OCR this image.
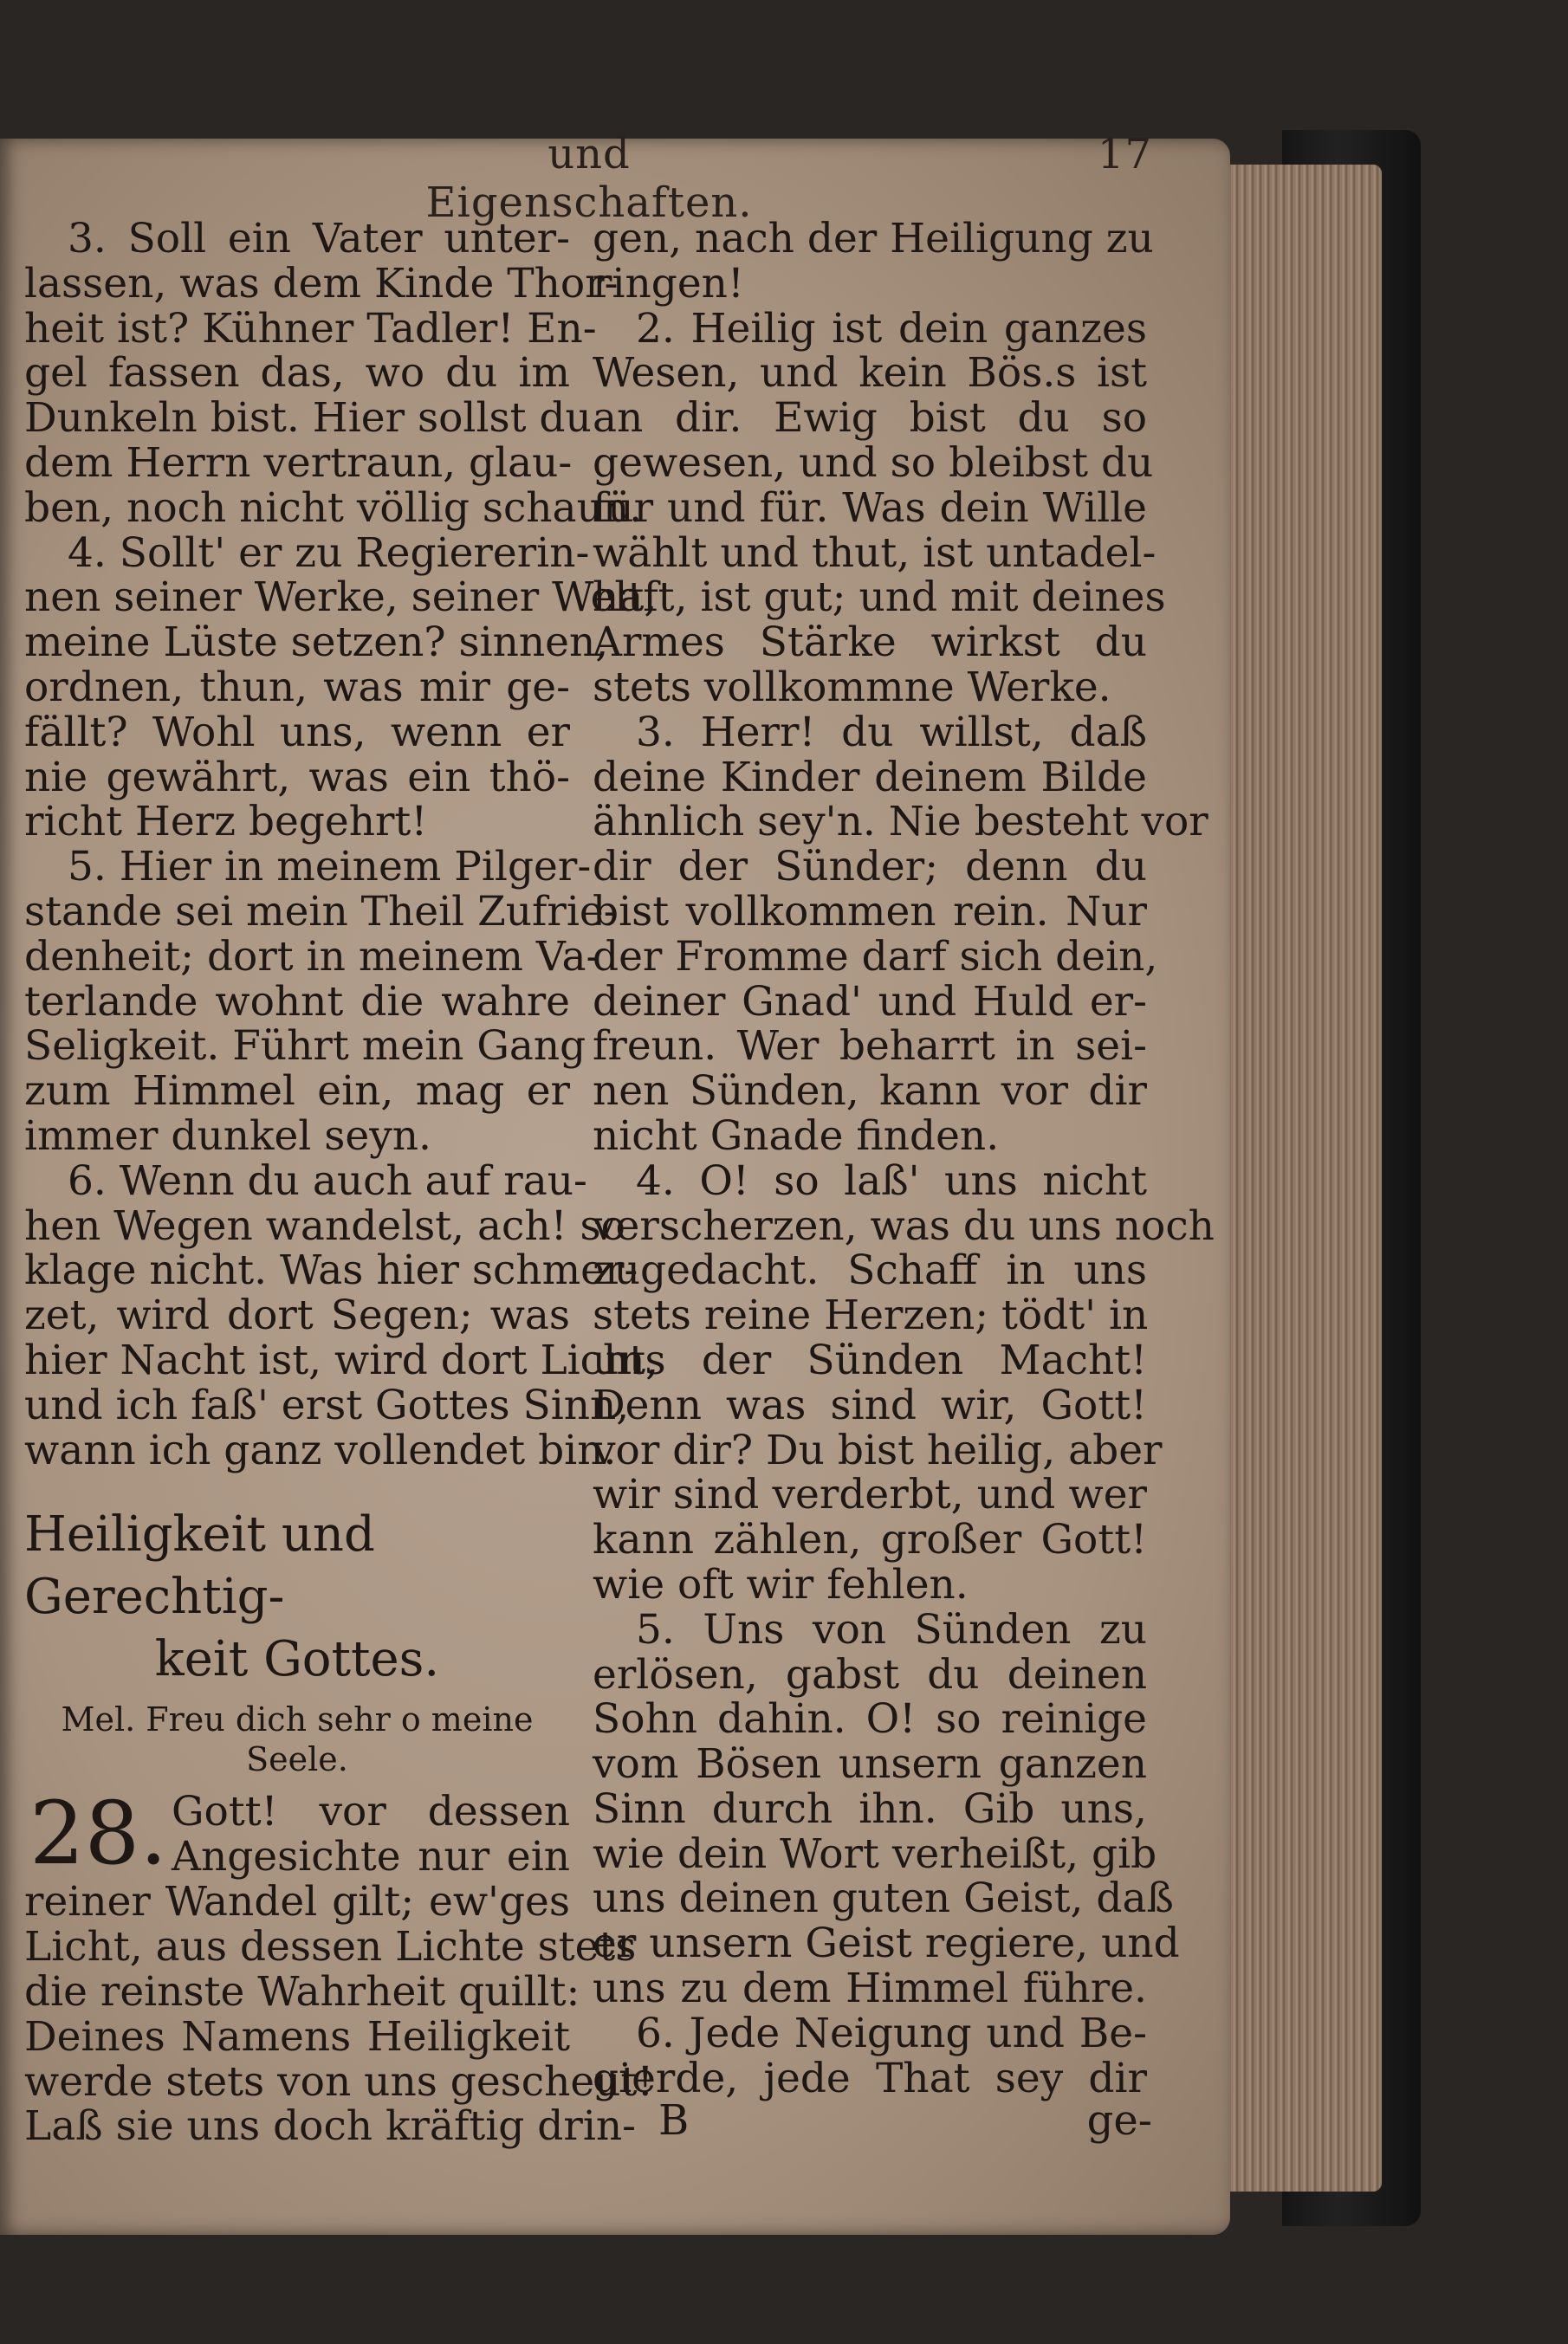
und Eigenschaften.
17
3. Soll ein Vater unter-
lassen, was dem Kinde Thor-
heit ist? Kühner Tadler! En-
gel fassen das, wo du im
Dunkeln bist. Hier sollst du
dem Herrn vertraun, glau-
ben, noch nicht völlig schaun.
4. Sollt' er zu Regiererin-
nen seiner Werke, seiner Welt,
meine Lüste setzen? sinnen,
ordnen, thun, was mir ge-
fällt? Wohl uns, wenn er
nie gewährt, was ein thö-
richt Herz begehrt!
5. Hier in meinem Pilger-
stande sei mein Theil Zufrie-
denheit; dort in meinem Va-
terlande wohnt die wahre
Seligkeit. Führt mein Gang
zum Himmel ein, mag er
immer dunkel seyn.
6. Wenn du auch auf rau-
hen Wegen wandelst, ach! so
klage nicht. Was hier schmer-
zet, wird dort Segen; was
hier Nacht ist, wird dort Licht,
und ich faß' erst Gottes Sinn,
wann ich ganz vollendet bin.
Heiligkeit und Gerechtig-
keit Gottes.
Mel. Freu dich sehr o meine
Seele.
28. Gott! vor dessen
Angesichte nur ein
reiner Wandel gilt; ew'ges
Licht, aus dessen Lichte stets
die reinste Wahrheit quillt:
Deines Namens Heiligkeit
werde stets von uns gescheut!
Laß sie uns doch kräftig drin-
gen, nach der Heiligung zu
ringen!
2. Heilig ist dein ganzes
Wesen, und kein Bös.s ist
an dir. Ewig bist du so
gewesen, und so bleibst du
für und für. Was dein Wille
wählt und thut, ist untadel-
haft, ist gut; und mit deines
Armes Stärke wirkst du
stets vollkommne Werke.
3. Herr! du willst, daß
deine Kinder deinem Bilde
ähnlich sey'n. Nie besteht vor
dir der Sünder; denn du
bist vollkommen rein. Nur
der Fromme darf sich dein,
deiner Gnad' und Huld er-
freun. Wer beharrt in sei-
nen Sünden, kann vor dir
nicht Gnade finden.
4. O! so laß' uns nicht
verscherzen, was du uns noch
zugedacht. Schaff in uns
stets reine Herzen; tödt' in
uns der Sünden Macht!
Denn was sind wir, Gott!
vor dir? Du bist heilig, aber
wir sind verderbt, und wer
kann zählen, großer Gott!
wie oft wir fehlen.
5. Uns von Sünden zu
erlösen, gabst du deinen
Sohn dahin. O! so reinige
vom Bösen unsern ganzen
Sinn durch ihn. Gib uns,
wie dein Wort verheißt, gib
uns deinen guten Geist, daß
er unsern Geist regiere, und
uns zu dem Himmel führe.
6. Jede Neigung und Be-
gierde, jede That sey dir
B	ge-
